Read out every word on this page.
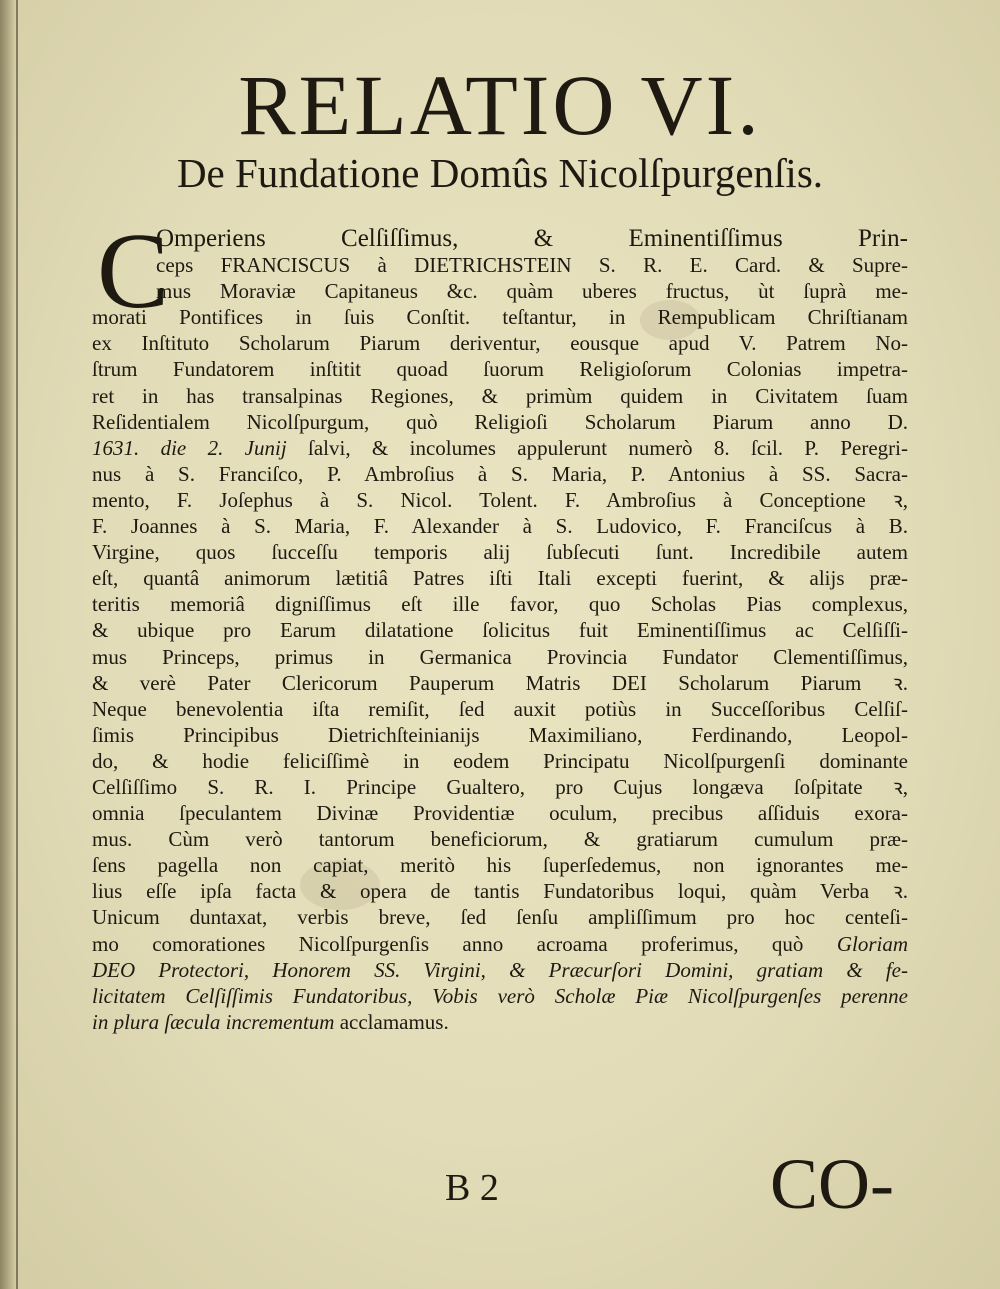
RELATIO VI.
De Fundatione Domûs Nicolſpurgenſis.
C
Omperiens Celſiſſimus, & Eminentiſſimus Prin-
ceps FRANCISCUS à DIETRICHSTEIN S. R. E. Card. & Supre-
mus Moraviæ Capitaneus &c. quàm uberes fructus, ùt ſuprà me-
morati Pontifices in ſuis Conſtit. teſtantur, in Rempublicam Chriſtianam
ex Inſtituto Scholarum Piarum deriventur, eousque apud V. Patrem No-
ſtrum Fundatorem inſtitit quoad ſuorum Religioſorum Colonias impetra-
ret in has transalpinas Regiones, & primùm quidem in Civitatem ſuam
Reſidentialem Nicolſpurgum, quò Religioſi Scholarum Piarum anno D.
1631. die 2. Junij ſalvi, & incolumes appulerunt numerò 8. ſcil. P. Peregri-
nus à S. Franciſco, P. Ambroſius à S. Maria, P. Antonius à SS. Sacra-
mento, F. Joſephus à S. Nicol. Tolent. F. Ambroſius à Conceptione ꝛ,
F. Joannes à S. Maria, F. Alexander à S. Ludovico, F. Franciſcus à B.
Virgine, quos ſucceſſu temporis alij ſubſecuti ſunt. Incredibile autem
eſt, quantâ animorum lætitiâ Patres iſti Itali excepti fuerint, & alijs præ-
teritis memoriâ digniſſimus eſt ille favor, quo Scholas Pias complexus,
& ubique pro Earum dilatatione ſolicitus fuit Eminentiſſimus ac Celſiſſi-
mus Princeps, primus in Germanica Provincia Fundator Clementiſſimus,
& verè Pater Clericorum Pauperum Matris DEI Scholarum Piarum ꝛ.
Neque benevolentia iſta remiſit, ſed auxit potiùs in Succeſſoribus Celſiſ-
ſimis Principibus Dietrichſteinianijs Maximiliano, Ferdinando, Leopol-
do, & hodie feliciſſimè in eodem Principatu Nicolſpurgenſi dominante
Celſiſſimo S. R. I. Principe Gualtero, pro Cujus longæva ſoſpitate ꝛ,
omnia ſpeculantem Divinæ Providentiæ oculum, precibus aſſiduis exora-
mus. Cùm verò tantorum beneficiorum, & gratiarum cumulum præ-
ſens pagella non capiat, meritò his ſuperſedemus, non ignorantes me-
lius eſſe ipſa facta & opera de tantis Fundatoribus loqui, quàm Verba ꝛ.
Unicum duntaxat, verbis breve, ſed ſenſu ampliſſimum pro hoc centeſi-
mo comorationes Nicolſpurgenſis anno acroama proferimus, quò Gloriam
DEO Protectori, Honorem SS. Virgini, & Præcurſori Domini, gratiam & fe-
licitatem Celſiſſimis Fundatoribus, Vobis verò Scholæ Piæ Nicolſpurgenſes perenne
in plura ſæcula incrementum acclamamus.
B 2	CO-
